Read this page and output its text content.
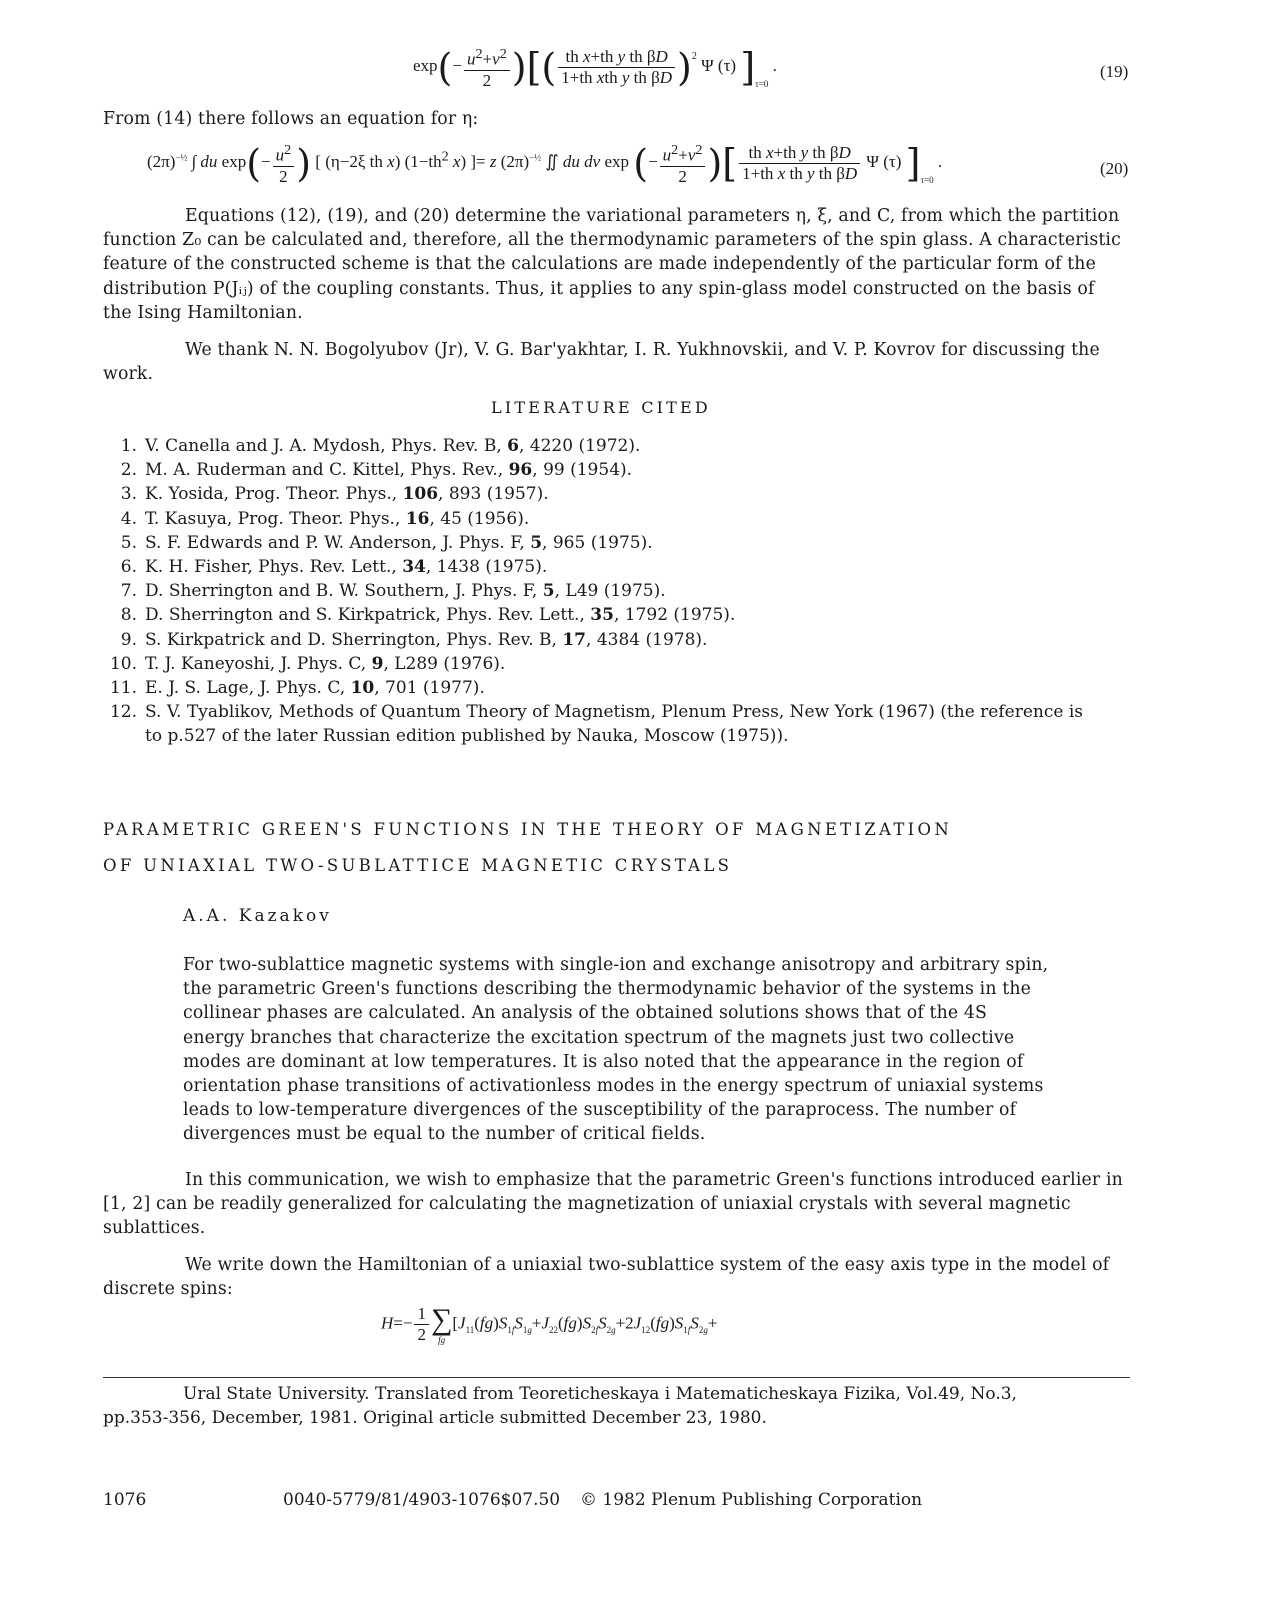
$\exp(- \frac{u^2+v^2}{2}$ )[( $\frac{\text{th x+th y th βD}}{\text{1+th xth y th βD}} )^2$ Ψ (τ) ]$_{\tau=0}$ .	(19)
From (14) there follows an equation for η:
$(2\pi)^{-\frac{1}{2}}$ ∫ du $\exp(- \frac{u^2}{2}$ ) [ (η−2ξ th x) ($1-th^2$ x) ]= z $(2\pi)^{-\frac{1}{2}}$ ∬ du dv exp (− $\frac{u^2+v^2}{2}$ )[ $\frac{\text{th x+th y th βD}}{\text{1+th x th y th βD}}$ Ψ (τ) ]$_{\tau=0}$ .	(20)

Equations (12), (19), and (20) determine the variational parameters η, ξ, and C, from which the partition function Z₀ can be calculated and, therefore, all the thermodynamic parameters of the spin glass. A characteristic feature of the constructed scheme is that the calculations are made independently of the particular form of the distribution P(Jᵢⱼ) of the coupling constants. Thus, it applies to any spin-glass model constructed on the basis of the Ising Hamiltonian.

We thank N. N. Bogolyubov (Jr), V. G. Bar'yakhtar, I. R. Yukhnovskii, and V. P. Kovrov for discussing the work.

LITERATURE CITED
1. V. Canella and J. A. Mydosh, Phys. Rev. B, 6, 4220 (1972).
2. M. A. Ruderman and C. Kittel, Phys. Rev., 96, 99 (1954).
3. K. Yosida, Prog. Theor. Phys., 106, 893 (1957).
4. T. Kasuya, Prog. Theor. Phys., 16, 45 (1956).
5. S. F. Edwards and P. W. Anderson, J. Phys. F, 5, 965 (1975).
6. K. H. Fisher, Phys. Rev. Lett., 34, 1438 (1975).
7. D. Sherrington and B. W. Southern, J. Phys. F, 5, L49 (1975).
8. D. Sherrington and S. Kirkpatrick, Phys. Rev. Lett., 35, 1792 (1975).
9. S. Kirkpatrick and D. Sherrington, Phys. Rev. B, 17, 4384 (1978).
10. T. J. Kaneyoshi, J. Phys. C, 9, L289 (1976).
11. E. J. S. Lage, J. Phys. C, 10, 701 (1977).
12. S. V. Tyablikov, Methods of Quantum Theory of Magnetism, Plenum Press, New York (1967) (the reference is to p.527 of the later Russian edition published by Nauka, Moscow (1975)).
PARAMETRIC GREEN'S FUNCTIONS IN THE THEORY OF MAGNETIZATION
OF UNIAXIAL TWO-SUBLATTICE MAGNETIC CRYSTALS
A.A. Kazakov

For two-sublattice magnetic systems with single-ion and exchange anisotropy and arbitrary spin, the parametric Green's functions describing the thermodynamic behavior of the systems in the collinear phases are calculated. An analysis of the obtained solutions shows that of the 4S energy branches that characterize the excitation spectrum of the magnets just two collective modes are dominant at low temperatures. It is also noted that the appearance in the region of orientation phase transitions of activationless modes in the energy spectrum of uniaxial systems leads to low-temperature divergences of the susceptibility of the paraprocess. The number of divergences must be equal to the number of critical fields.

In this communication, we wish to emphasize that the parametric Green's functions introduced earlier in [1, 2] can be readily generalized for calculating the magnetization of uniaxial crystals with several magnetic sublattices.

We write down the Hamiltonian of a uniaxial two-sublattice system of the easy axis type in the model of discrete spins:

$H=- \frac{1}{2}$ ∑
fg
[$J_{11}(fg)S_{1f}S_{1g}+J_{22}(fg)S_{2f}S_{2g}+2J_{12}(fg)S_{1f}S_{2g}+$
Ural State University. Translated from Teoreticheskaya i Matematicheskaya Fizika, Vol.49, No.3,
pp.353-356, December, 1981. Original article submitted December 23, 1980.
1076	0040-5779/81/4903-1076$07.50 © 1982 Plenum Publishing Corporation
